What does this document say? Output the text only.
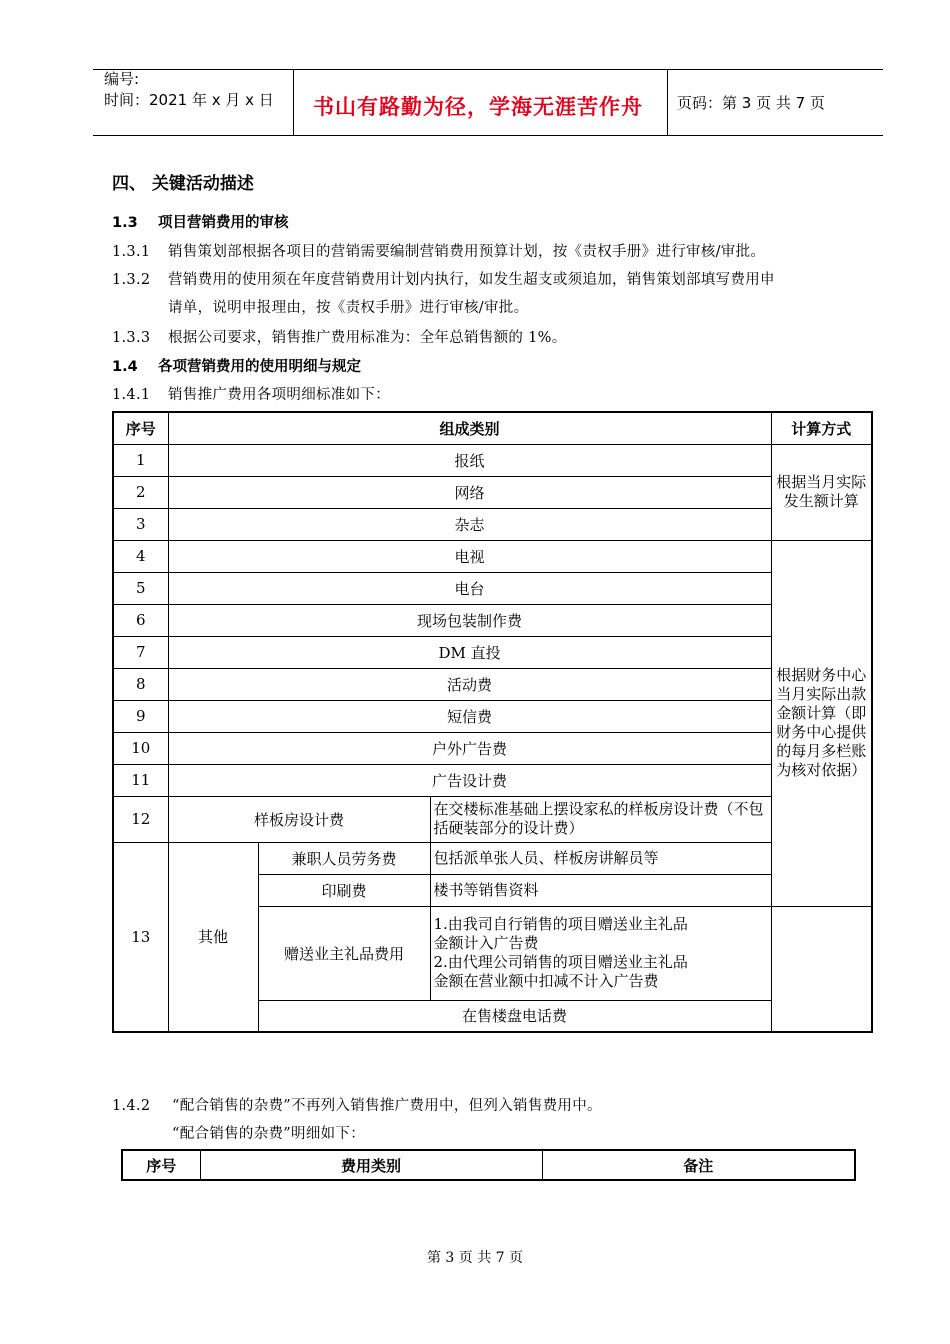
编号:
时间：2021 年 x 月 x 日 书山有路勤为径，学海无涯苦作舟 页码：第 3 页 共 7 页
四、 关键活动描述
1.3 项目营销费用的审核
1.3.1 销售策划部根据各项目的营销需要编制营销费用预算计划，按《责权手册》进行审核/审批。
1.3.2 营销费用的使用须在年度营销费用计划内执行，如发生超支或须追加，销售策划部填写费用申
请单，说明申报理由，按《责权手册》进行审核/审批。
1.3.3 根据公司要求，销售推广费用标准为：全年总销售额的 1%。
1.4 各项营销费用的使用明细与规定
1.4.1 销售推广费用各项明细标准如下：
序号	组成类别			计算方式
1	报纸			根据当月实际发生额计算
2	网络			
3	杂志			
4	电视			根据财务中心当月实际出款金额计算（即财务中心提供的每月多栏账为核对依据）
5	电台			
6	现场包装制作费			
7	DM 直投			
8	活动费			
9	短信费			
10	户外广告费			
11	广告设计费			
12	样板房设计费		在交楼标准基础上摆设家私的样板房设计费（不包括硬装部分的设计费）	
13	其他	兼职人员劳务费	包括派单张人员、样板房讲解员等	
		印刷费	楼书等销售资料	
		赠送业主礼品费用	1.由我司自行销售的项目赠送业主礼品
金额计入广告费
2.由代理公司销售的项目赠送业主礼品
金额在营业额中扣减不计入广告费	

		在售楼盘电话费		
1.4.2 “配合销售的杂费”不再列入销售推广费用中，但列入销售费用中。
“配合销售的杂费”明细如下：
序号	费用类别	备注
第 3 页 共 7 页
